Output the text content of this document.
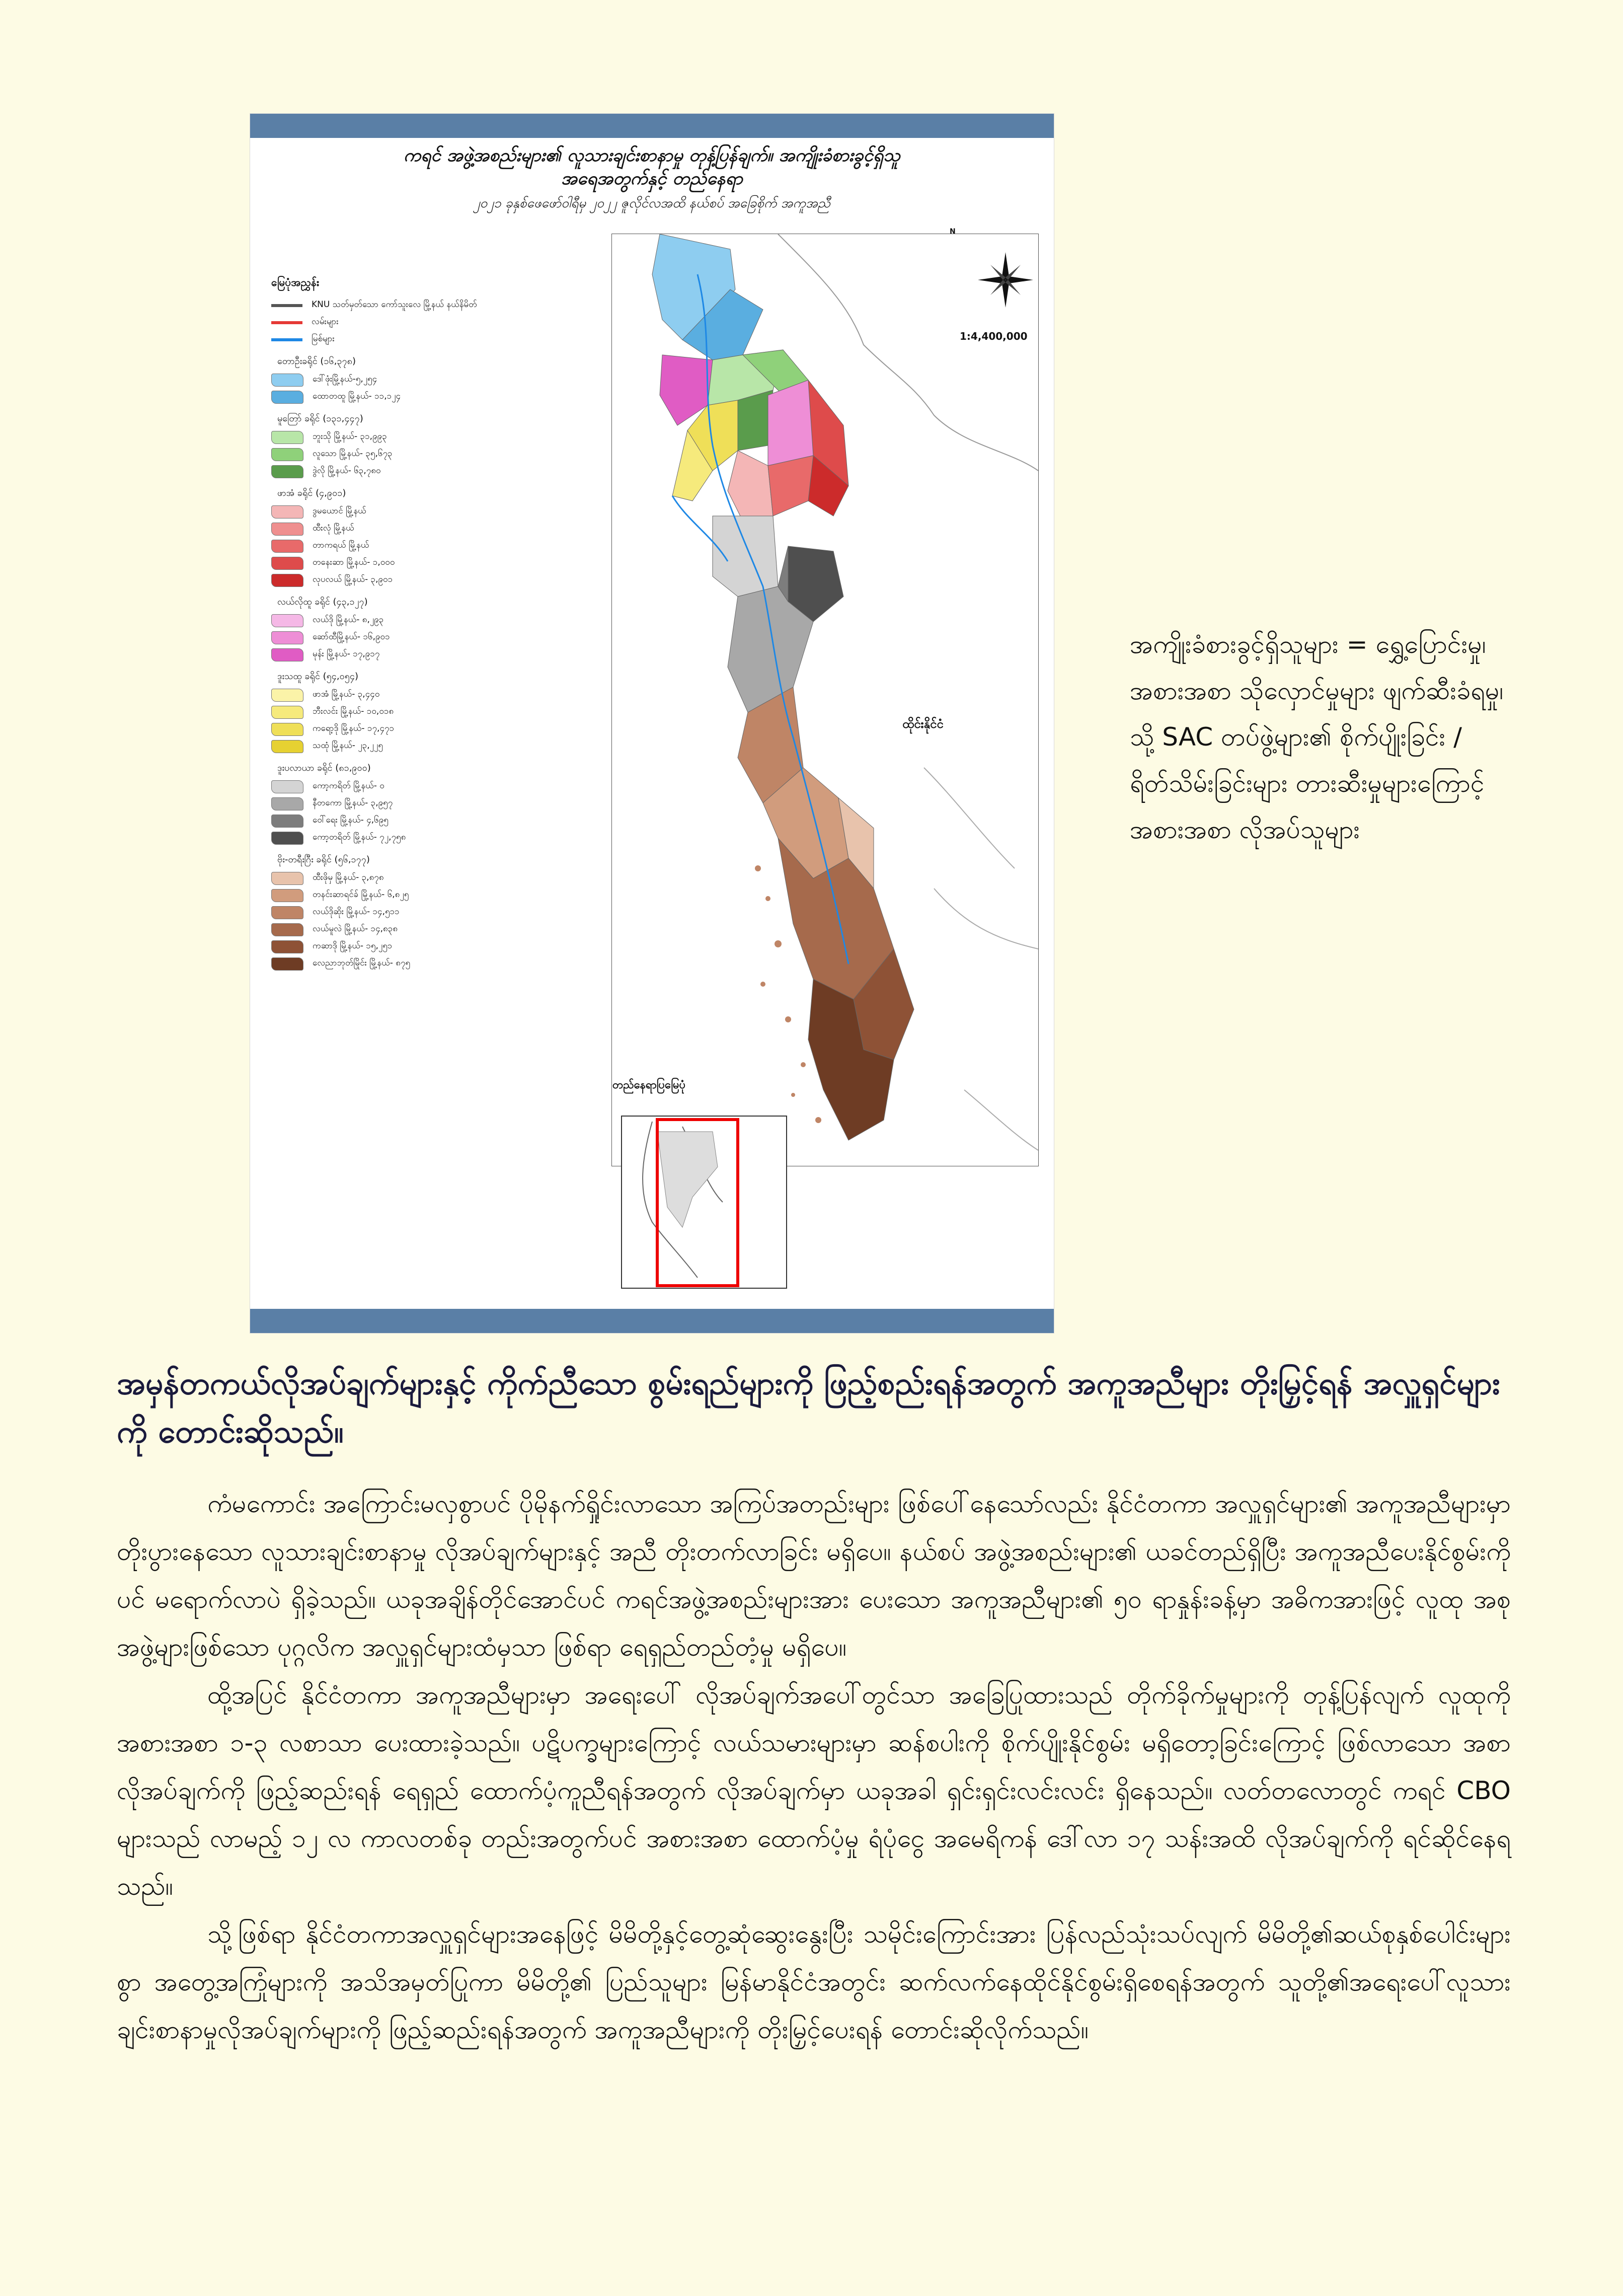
ကရင် အဖွဲ့အစည်းများ၏ လူသားချင်းစာနာမှု တုန့်ပြန်ချက်။ အကျိုးခံစားခွင့်ရှိသူ
အရေအတွက်နှင့် တည်နေရာ
၂၀၂၁ ခုနှစ်ဖေဖော်ဝါရီမှ ၂၀၂၂ ဇူလိုင်လအထိ နယ်စပ် အခြေစိုက် အကူအညီ
မြေပုံအညွှန်း
KNU သတ်မှတ်သော ကော်သူးလေ မြို့နယ် နယ်နိမိတ်
လမ်းများ
မြစ်များ
တောဦးခရိုင် (၁၆,၃၇၈)
ဒေါ်ဖုံးမြို့နယ်-၅,၂၅၄
ထောတထူ မြို့နယ်- ၁၁,၁၂၄
မူတြော် ခရိုင် (၁၃၁,၄၄၇)
ဘူးသို မြို့နယ်- ၃၁,၉၉၃
လူသော မြို့နယ်- ၃၅,၆၇၃
ဒွဲလို မြို့နယ်- ၆၃,၇၈၀
ဖာအံ ခရိုင် (၄,၉၀၁)
ဒွမယောင် မြို့နယ်
ထီးလုံ မြို့နယ်
တာကရယ် မြို့နယ်
တနေးဆာ မြို့နယ်- ၁,၀၀၀
လုပလယ် မြို့နယ်- ၃,၉၀၁
လယ်လိုထူ ခရိုင် (၄၃,၁၂၇)
လယ်ဒို မြို့နယ်- ၈,၂၉၃
ဆော်ထီမြို့နယ်- ၁၆,၉၀၁
မုန်း မြို့နယ်- ၁၇,၉၁၇
ဒူးသထူ ခရိုင် (၅၄,၀၅၄)
ဖာအံ မြို့နယ်- ၃,၄၄၀
ဘီးလင်း မြို့နယ်- ၁၀,၀၁၈
ကရော့ဒို မြို့နယ်- ၁၇,၄၇၁
သထုံ မြို့နယ်- ၂၃,၂၂၅
ဒူးပလာယာ ခရိုင် (၈၁,၉၀၀)
ကော့ကရိတ် မြို့နယ်- ၀
နီတကော မြို့နယ်- ၃,၉၅၇
ဝေါ်ရေး မြို့နယ်- ၄,၆၉၅
ကော့တရိတ် မြို့နယ်- ၇၂,၇၅၈
ဗိုး-တရီးဂြီး ခရိုင် (၅၆,၁၇၇)
ထီးဖိုမှ မြို့နယ်- ၃,၈၇၈
တနင်းဆာရင်ခ် မြို့နယ်- ၆,၈၂၅
လယ်ဒိုဆိုး မြို့နယ်- ၁၄,၅၁၁
လယ်မူလဲ မြို့နယ်- ၁၄,၈၃၈
ကဆာဒို မြို့နယ်- ၁၅,၂၅၁
လေညာဘုတ်မြိုင်း မြို့နယ်- ၈၇၅
N
1:4,400,000
ထိုင်းနိုင်ငံ
တည်နေရာပြမြေပုံ
အကျိုးခံစားခွင့်ရှိသူများ = ရွှေ့ပြောင်းမှု၊ အစားအစာ သိုလှောင်မှုများ ဖျက်ဆီးခံရမှု၊ သို့ SAC တပ်ဖွဲ့များ၏ စိုက်ပျိုးခြင်း /ရိတ်သိမ်းခြင်းများ တားဆီးမှုများကြောင့် အစားအစာ လိုအပ်သူများ
အမှန်တကယ်လိုအပ်ချက်များနှင့် ကိုက်ညီသော စွမ်းရည်များကို ဖြည့်စည်းရန်အတွက် အကူအညီများ တိုးမြှင့်ရန် အလှူရှင်များကို တောင်းဆိုသည်။

ကံမကောင်း အကြောင်းမလှစွာပင် ပိုမိုနက်ရှိုင်းလာသော အကြပ်အတည်းများ ဖြစ်ပေါ်နေသော်လည်း နိုင်ငံတကာ အလှူရှင်များ၏ အကူအညီများမှာ တိုးပွားနေသော လူသားချင်းစာနာမှု လိုအပ်ချက်များနှင့် အညီ တိုးတက်လာခြင်း မရှိပေ။ နယ်စပ် အဖွဲ့အစည်းများ၏ ယခင်တည်ရှိပြီး အကူအညီပေးနိုင်စွမ်းကိုပင် မရောက်လာပဲ ရှိခဲ့သည်။ ယခုအချိန်တိုင်အောင်ပင် ကရင်အဖွဲ့အစည်းများအား ပေးသော အကူအညီများ၏ ၅၀ ရာနှုန်းခန့်မှာ အဓိကအားဖြင့် လူထု အစုအဖွဲ့များဖြစ်သော ပုဂ္ဂလိက အလှူရှင်များထံမှသာ ဖြစ်ရာ ရေရှည်တည်တံ့မှု မရှိပေ။

ထို့အပြင် နိုင်ငံတကာ အကူအညီများမှာ အရေးပေါ် လိုအပ်ချက်အပေါ်တွင်သာ အခြေပြုထားသည် တိုက်ခိုက်မှုများကို တုန့်ပြန်လျက် လူထုကို အစားအစာ ၁-၃ လစာသာ ပေးထားခဲ့သည်။ ပဋိပက္ခများကြောင့် လယ်သမားများမှာ ဆန်စပါးကို စိုက်ပျိုးနိုင်စွမ်း မရှိတော့ခြင်းကြောင့် ဖြစ်လာသော အစာ လိုအပ်ချက်ကို ဖြည့်ဆည်းရန် ရေရှည် ထောက်ပံ့ကူညီရန်အတွက် လိုအပ်ချက်မှာ ယခုအခါ ရှင်းရှင်းလင်းလင်း ရှိနေသည်။ လတ်တလောတွင် ကရင် CBO များသည် လာမည့် ၁၂ လ ကာလတစ်ခု တည်းအတွက်ပင် အစားအစာ ထောက်ပံ့မှု ရံပုံငွေ အမေရိကန် ဒေါ်လာ ၁၇ သန်းအထိ လိုအပ်ချက်ကို ရင်ဆိုင်နေရသည်။

သို့ဖြစ်ရာ နိုင်ငံတကာအလှူရှင်များအနေဖြင့် မိမိတို့နှင့်တွေ့ဆုံဆွေးနွေးပြီး သမိုင်းကြောင်းအား ပြန်လည်သုံးသပ်လျက် မိမိတို့၏ဆယ်စုနှစ်ပေါင်းများစွာ အတွေ့အကြုံများကို အသိအမှတ်ပြုကာ မိမိတို့၏ ပြည်သူများ မြန်မာနိုင်ငံအတွင်း ဆက်လက်နေထိုင်နိုင်စွမ်းရှိစေရန်အတွက် သူတို့၏အရေးပေါ်လူသားချင်းစာနာမှုလိုအပ်ချက်များကို ဖြည့်ဆည်းရန်အတွက် အကူအညီများကို တိုးမြှင့်ပေးရန် တောင်းဆိုလိုက်သည်။
